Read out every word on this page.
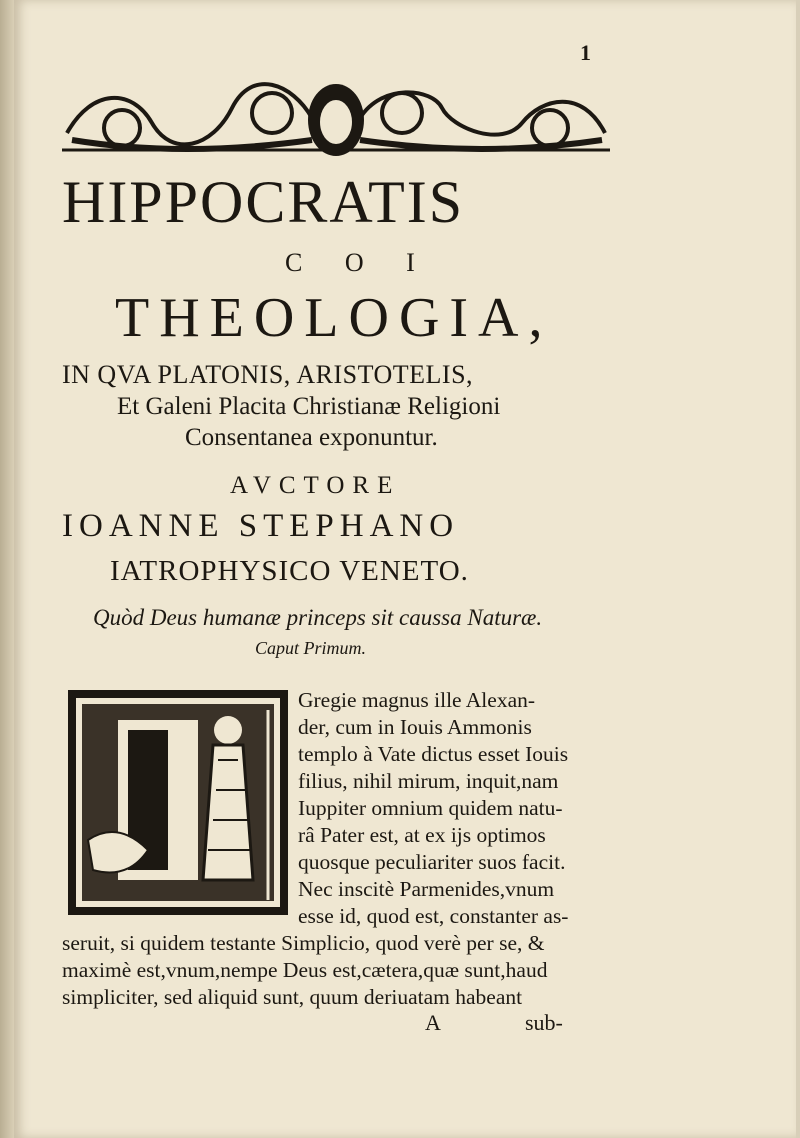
1
HIPPOCRATIS
C O I
THEOLOGIA,
IN QVA PLATONIS, ARISTOTELIS,
Et Galeni Placita Christianæ Religioni
Consentanea exponuntur.
AVCTORE
IOANNE STEPHANO
IATROPHYSICO VENETO.
Quòd Deus humanæ princeps sit caussa Naturæ.
Caput Primum.
Gregie magnus ille Alexan-
der, cum in Iouis Ammonis
templo à Vate dictus esset Iouis
filius, nihil mirum, inquit,nam
Iuppiter omnium quidem natu-
râ Pater est, at ex ijs optimos
quosque peculiariter suos facit.
Nec inscitè Parmenides,vnum
esse id, quod est, constanter as-
seruit, si quidem testante Simplicio, quod verè per se, &
maximè est,vnum,nempe Deus est,cætera,quæ sunt,haud
simpliciter, sed aliquid sunt, quum deriuatam habeant
A	sub-
